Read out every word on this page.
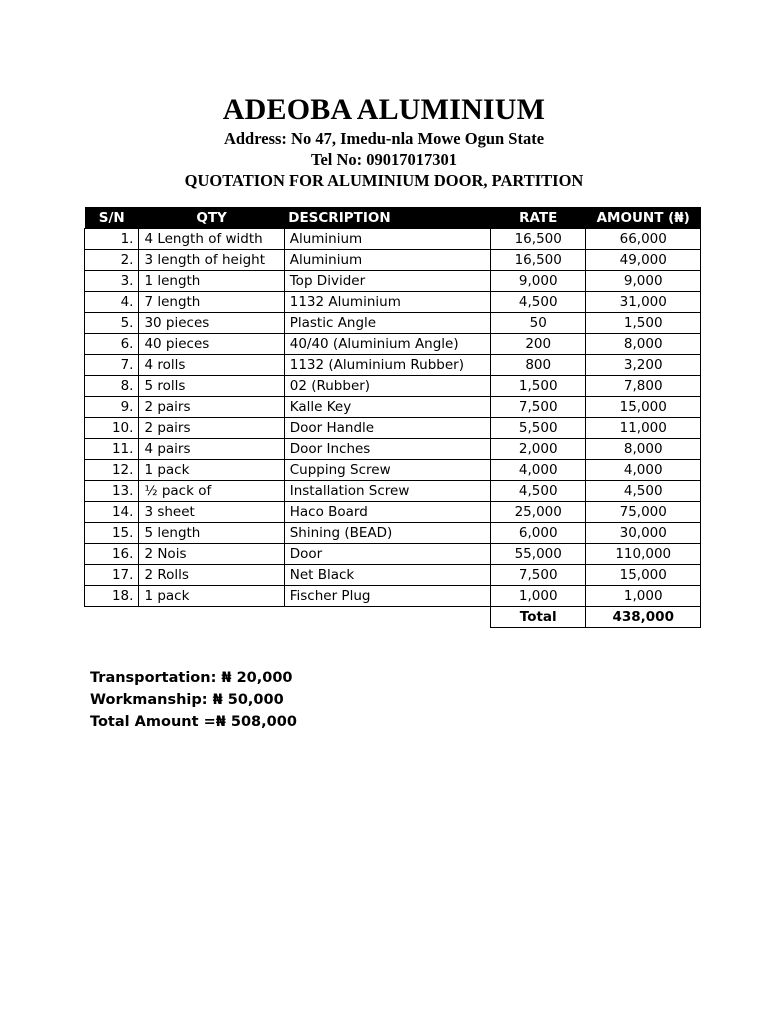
ADEOBA ALUMINIUM
Address: No 47, Imedu-nla Mowe Ogun State
Tel No: 09017017301
QUOTATION FOR ALUMINIUM DOOR, PARTITION
S/N	QTY	DESCRIPTION	RATE	AMOUNT (₦)
1.	4 Length of width	Aluminium	16,500	66,000
2.	3 length of height	Aluminium	16,500	49,000
3.	1 length	Top Divider	9,000	9,000
4.	7 length	1132 Aluminium	4,500	31,000
5.	30 pieces	Plastic Angle	50	1,500
6.	40 pieces	40/40 (Aluminium Angle)	200	8,000
7.	4 rolls	1132 (Aluminium Rubber)	800	3,200
8.	5 rolls	02 (Rubber)	1,500	7,800
9.	2 pairs	Kalle Key	7,500	15,000
10.	2 pairs	Door Handle	5,500	11,000
11.	4 pairs	Door Inches	2,000	8,000
12.	1 pack	Cupping Screw	4,000	4,000
13.	½ pack of	Installation Screw	4,500	4,500
14.	3 sheet	Haco Board	25,000	75,000
15.	5 length	Shining (BEAD)	6,000	30,000
16.	2 Nois	Door	55,000	110,000
17.	2 Rolls	Net Black	7,500	15,000
18.	1 pack	Fischer Plug	1,000	1,000
			Total	438,000
Transportation: ₦ 20,000
Workmanship: ₦ 50,000
Total Amount =₦ 508,000
